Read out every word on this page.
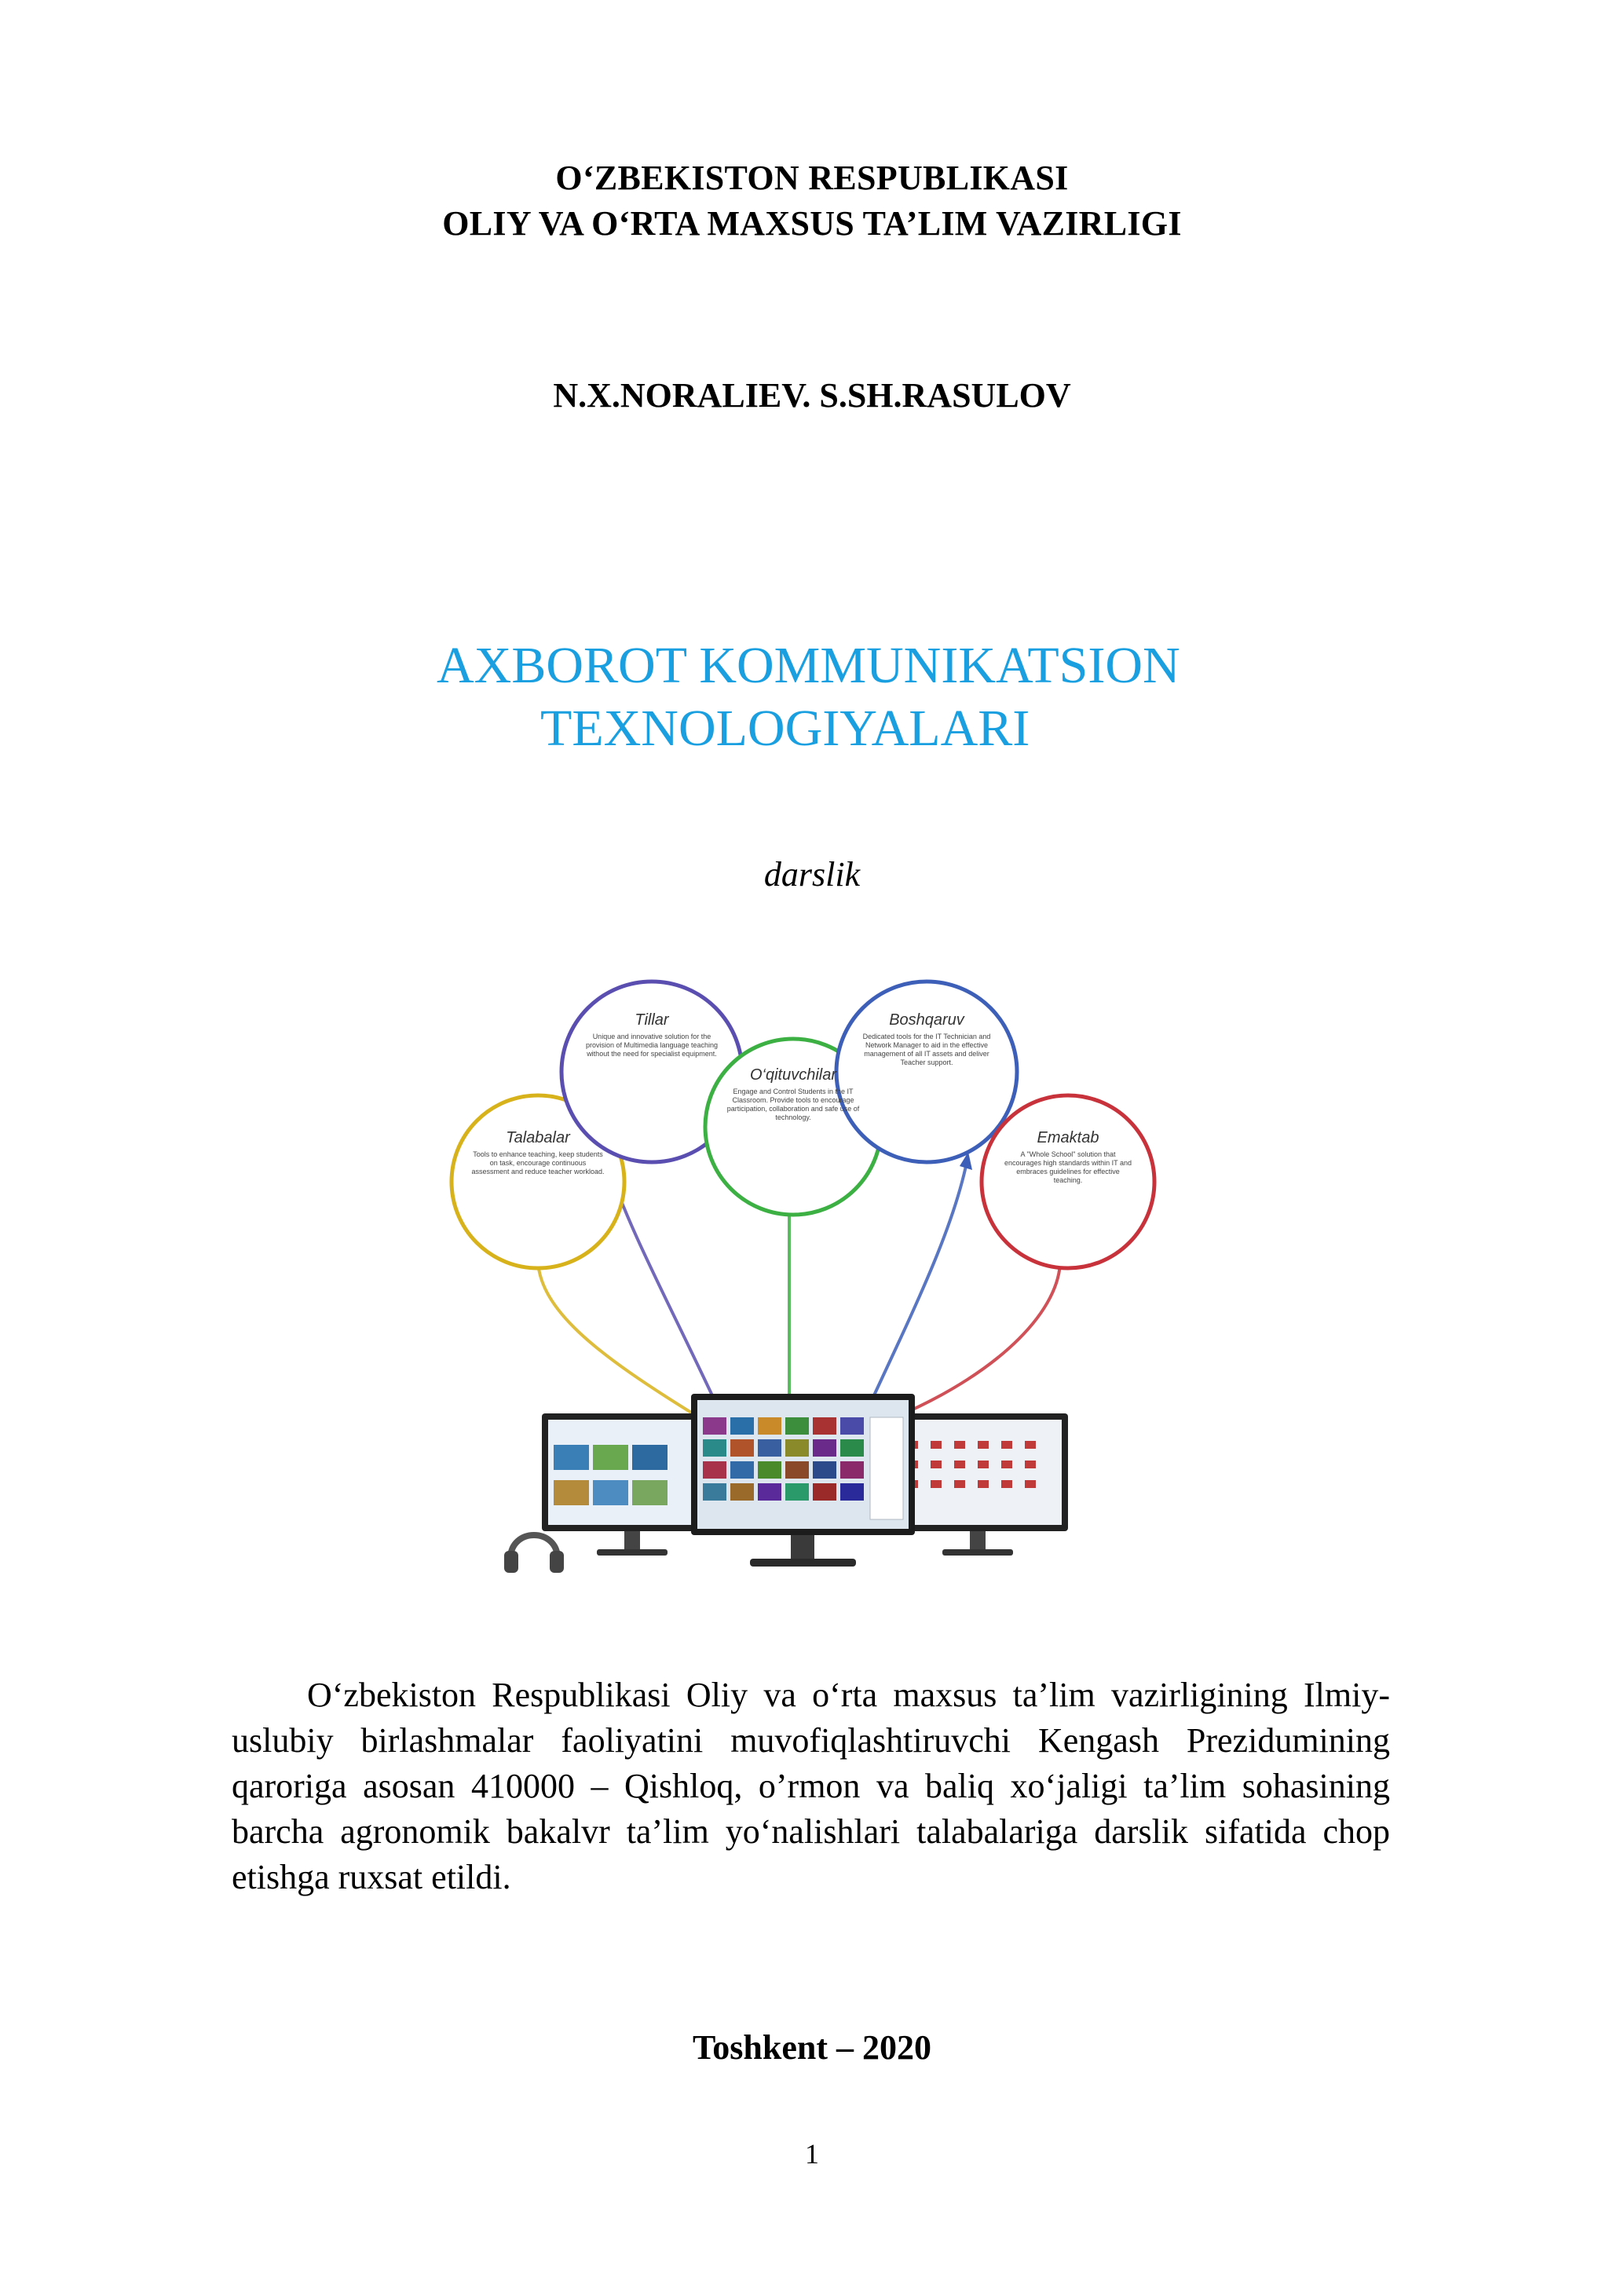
O‘ZBEKISTON RESPUBLIKASI
OLIY VA O‘RTA MAXSUS TA’LIM VAZIRLIGI
N.X.NORALIEV. S.SH.RASULOV
AXBOROT KOMMUNIKATSION
TEXNOLOGIYALARI
darslik
Talabalar
Tillar
O‘qituvchilar
Boshqaruv
Emaktab
Tools to enhance teaching, keep students on task, encourage continuous assessment and reduce teacher workload.
Unique and innovative solution for the provision of Multimedia language teaching without the need for specialist equipment.
Engage and Control Students in the IT Classroom. Provide tools to encourage participation, collaboration and safe use of technology.
Dedicated tools for the IT Technician and Network Manager to aid in the effective management of all IT assets and deliver Teacher support.
A "Whole School" solution that encourages high standards within IT and embraces guidelines for effective teaching.

O‘zbekiston Respublikasi Oliy va o‘rta maxsus ta’lim vazirligining Ilmiy-uslubiy birlashmalar faoliyatini muvofiqlashtiruvchi Kengash Prezidumining qaroriga asosan 410000 – Qishloq, o’rmon va baliq xo‘jaligi ta’lim sohasining barcha agronomik bakalvr ta’lim yo‘nalishlari talabalariga darslik sifatida chop etishga ruxsat etildi.

Toshkent – 2020
1
